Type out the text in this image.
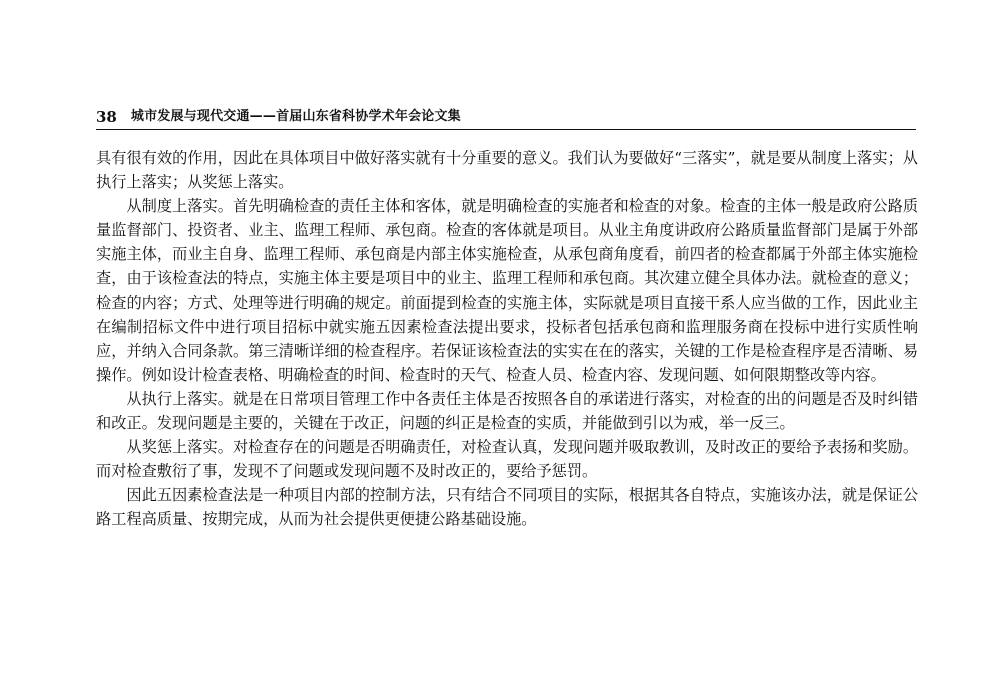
38 城市发展与现代交通——首届山东省科协学术年会论文集

具有很有效的作用，因此在具体项目中做好落实就有十分重要的意义。我们认为要做好“三落实”，就是要从制度上落实；从执行上落实；从奖惩上落实。

从制度上落实。首先明确检查的责任主体和客体，就是明确检查的实施者和检查的对象。检查的主体一般是政府公路质量监督部门、投资者、业主、监理工程师、承包商。检查的客体就是项目。从业主角度讲政府公路质量监督部门是属于外部实施主体，而业主自身、监理工程师、承包商是内部主体实施检查，从承包商角度看，前四者的检查都属于外部主体实施检查，由于该检查法的特点，实施主体主要是项目中的业主、监理工程师和承包商。其次建立健全具体办法。就检查的意义；检查的内容；方式、处理等进行明确的规定。前面提到检查的实施主体，实际就是项目直接干系人应当做的工作，因此业主在编制招标文件中进行项目招标中就实施五因素检查法提出要求，投标者包括承包商和监理服务商在投标中进行实质性响应，并纳入合同条款。第三清晰详细的检查程序。若保证该检查法的实实在在的落实，关键的工作是检查程序是否清晰、易操作。例如设计检查表格、明确检查的时间、检查时的天气、检查人员、检查内容、发现问题、如何限期整改等内容。

从执行上落实。就是在日常项目管理工作中各责任主体是否按照各自的承诺进行落实，对检查的出的问题是否及时纠错和改正。发现问题是主要的，关键在于改正，问题的纠正是检查的实质，并能做到引以为戒，举一反三。

从奖惩上落实。对检查存在的问题是否明确责任，对检查认真，发现问题并吸取教训，及时改正的要给予表扬和奖励。而对检查敷衍了事，发现不了问题或发现问题不及时改正的，要给予惩罚。

因此五因素检查法是一种项目内部的控制方法，只有结合不同项目的实际，根据其各自特点，实施该办法，就是保证公路工程高质量、按期完成，从而为社会提供更便捷公路基础设施。
